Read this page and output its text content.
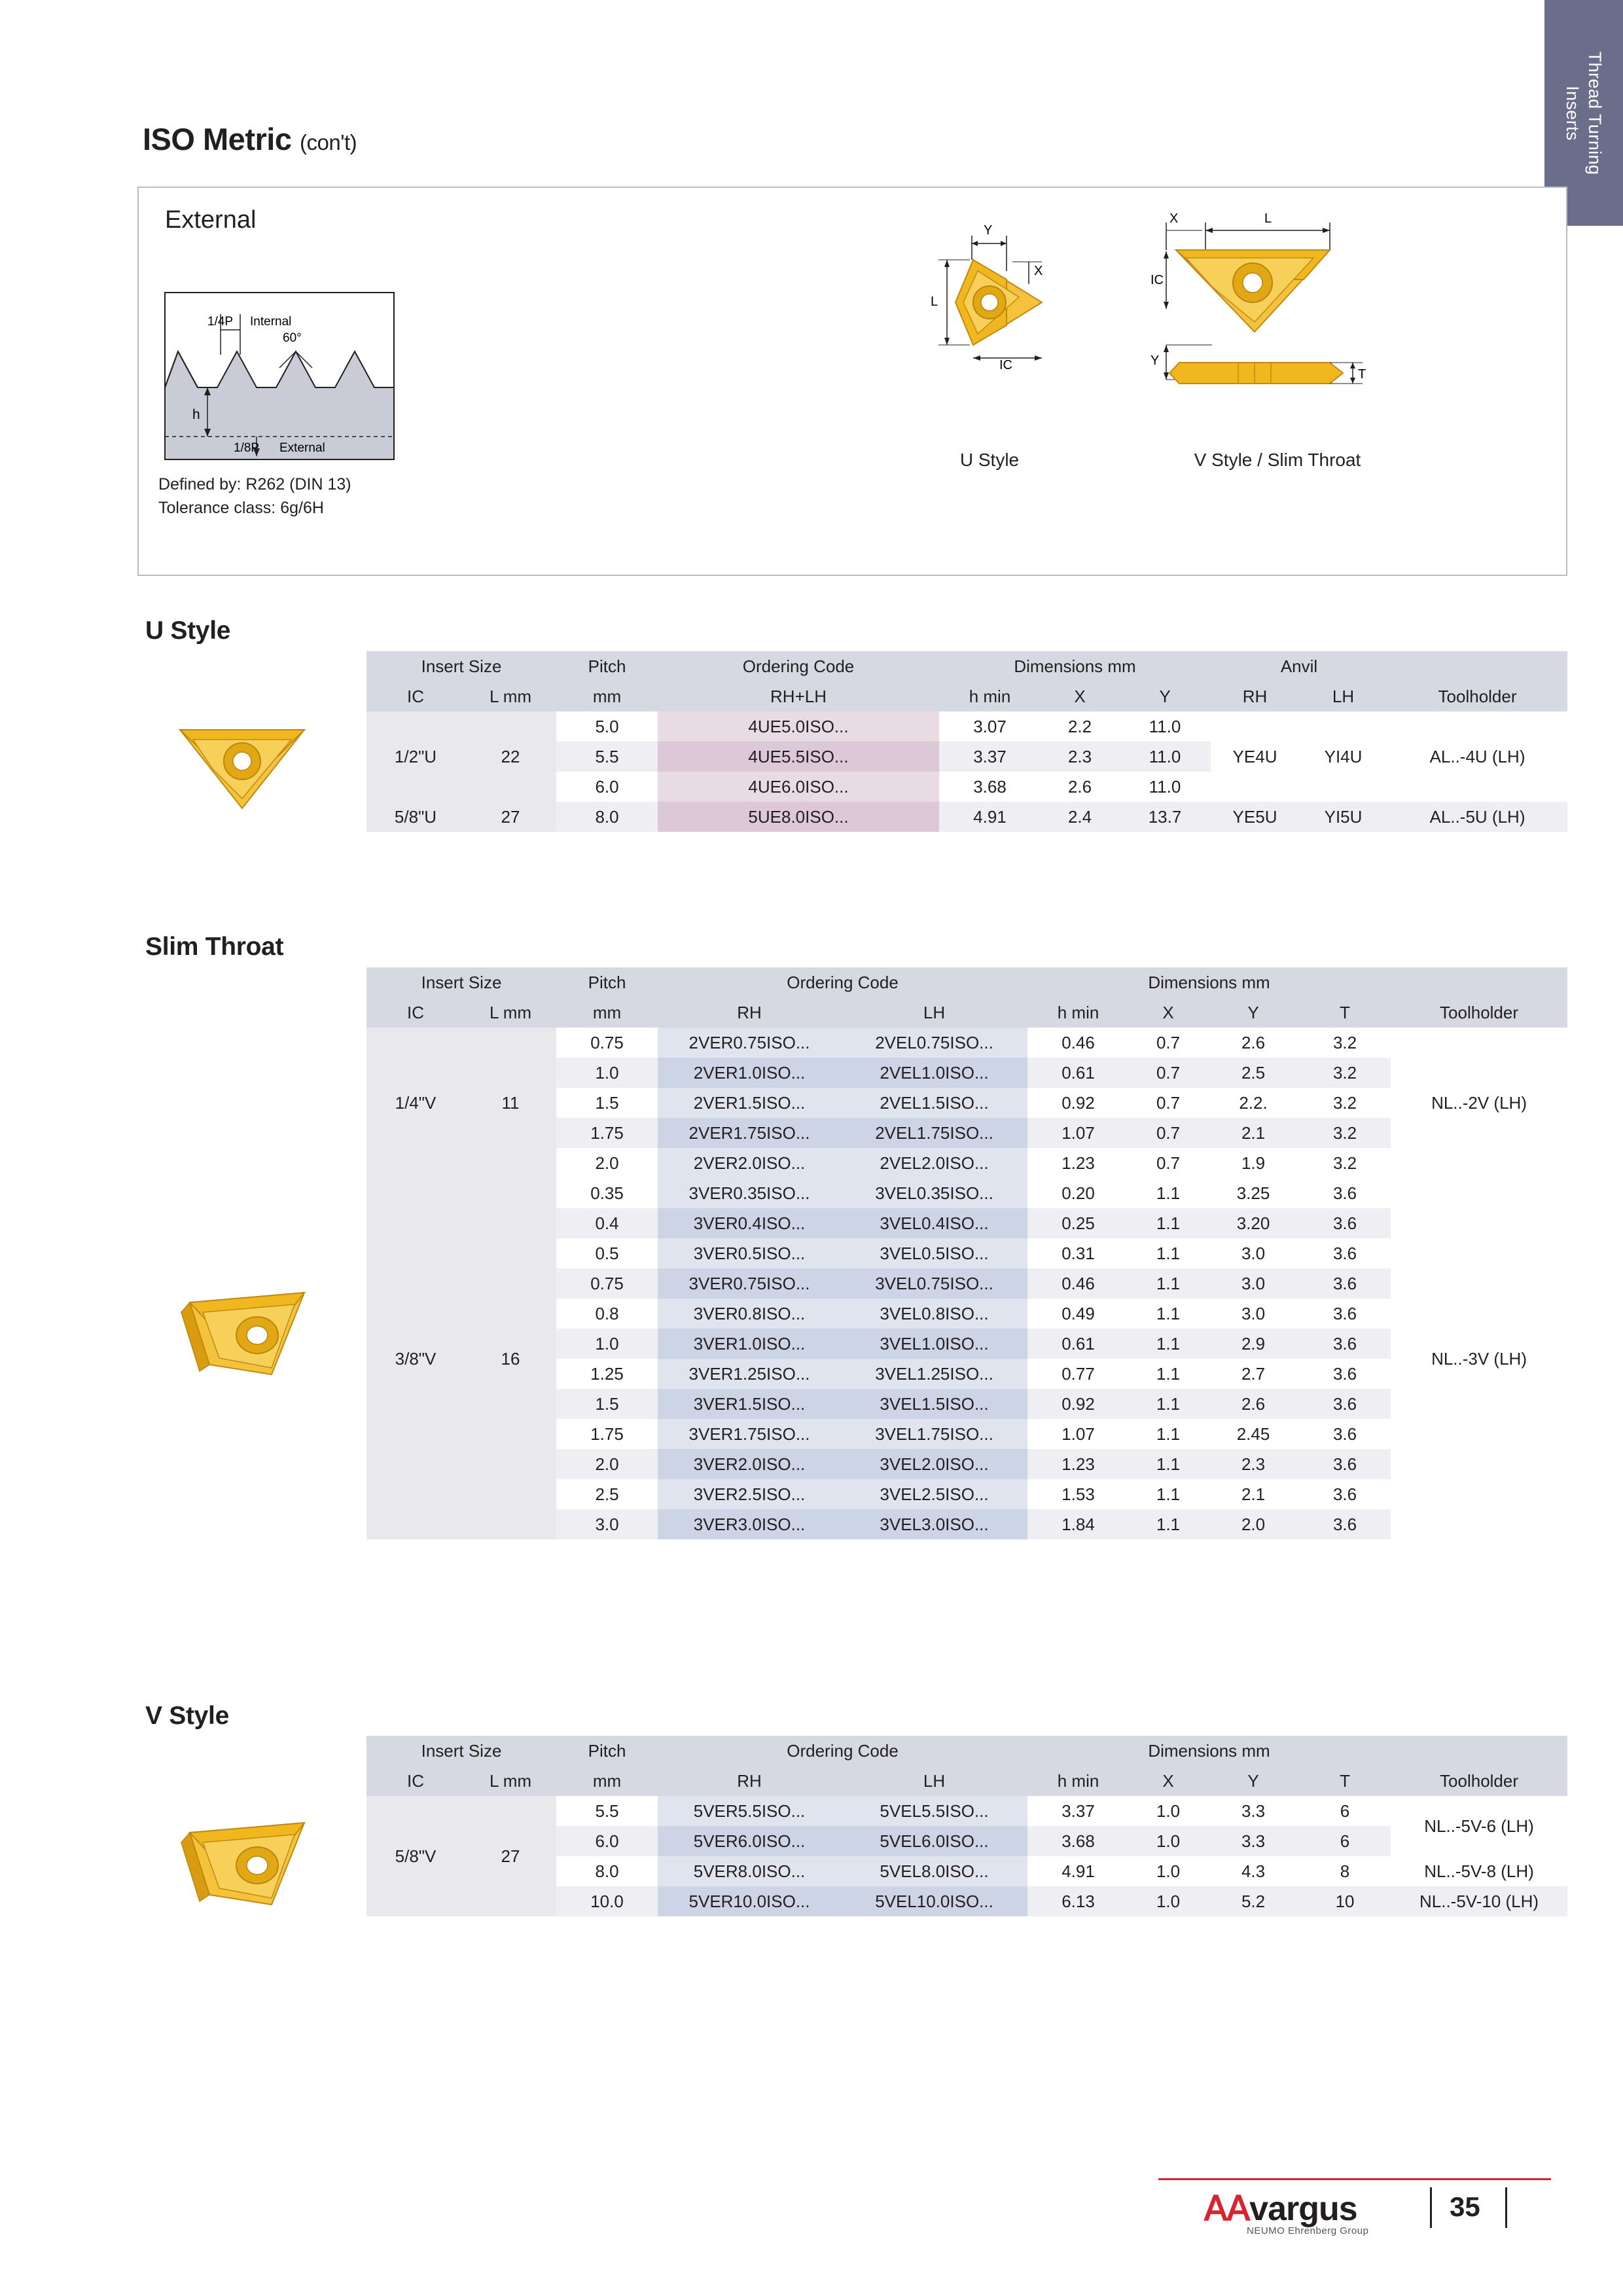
Thread Turning
Inserts
ISO Metric (con't)
External
1/4P Internal
60°
h
1/8P External
Defined by: R262 (DIN 13)
Tolerance class: 6g/6H
Y
L
X
IC
U Style
L
X
IC
Y
T
V Style / Slim Throat
U Style
Insert Size		Pitch	Ordering Code	Dimensions mm			Anvil		
IC	L mm	mm	RH+LH	h min	X	Y	RH	LH	Toolholder
1/2"U	22	5.0	4UE5.0ISO...	3.07	2.2	11.0	YE4U	YI4U	AL..-4U (LH)
		5.5	4UE5.5ISO...	3.37	2.3	11.0			
		6.0	4UE6.0ISO...	3.68	2.6	11.0			
5/8"U	27	8.0	5UE8.0ISO...	4.91	2.4	13.7	YE5U	YI5U	AL..-5U (LH)
Slim Throat
Insert Size		Pitch	Ordering Code		Dimensions mm				
IC	L mm	mm	RH	LH	h min	X	Y	T	Toolholder
1/4"V	11	0.75	2VER0.75ISO...	2VEL0.75ISO...	0.46	0.7	2.6	3.2	NL..-2V (LH)
		1.0	2VER1.0ISO...	2VEL1.0ISO...	0.61	0.7	2.5	3.2	
		1.5	2VER1.5ISO...	2VEL1.5ISO...	0.92	0.7	2.2.	3.2	
		1.75	2VER1.75ISO...	2VEL1.75ISO...	1.07	0.7	2.1	3.2	
		2.0	2VER2.0ISO...	2VEL2.0ISO...	1.23	0.7	1.9	3.2	
3/8"V	16	0.35	3VER0.35ISO...	3VEL0.35ISO...	0.20	1.1	3.25	3.6	NL..-3V (LH)
		0.4	3VER0.4ISO...	3VEL0.4ISO...	0.25	1.1	3.20	3.6	
		0.5	3VER0.5ISO...	3VEL0.5ISO...	0.31	1.1	3.0	3.6	
		0.75	3VER0.75ISO...	3VEL0.75ISO...	0.46	1.1	3.0	3.6	
		0.8	3VER0.8ISO...	3VEL0.8ISO...	0.49	1.1	3.0	3.6	
		1.0	3VER1.0ISO...	3VEL1.0ISO...	0.61	1.1	2.9	3.6	
		1.25	3VER1.25ISO...	3VEL1.25ISO...	0.77	1.1	2.7	3.6	
		1.5	3VER1.5ISO...	3VEL1.5ISO...	0.92	1.1	2.6	3.6	
		1.75	3VER1.75ISO...	3VEL1.75ISO...	1.07	1.1	2.45	3.6	
		2.0	3VER2.0ISO...	3VEL2.0ISO...	1.23	1.1	2.3	3.6	
		2.5	3VER2.5ISO...	3VEL2.5ISO...	1.53	1.1	2.1	3.6	
		3.0	3VER3.0ISO...	3VEL3.0ISO...	1.84	1.1	2.0	3.6	
V Style
Insert Size		Pitch	Ordering Code		Dimensions mm				
IC	L mm	mm	RH	LH	h min	X	Y	T	Toolholder
5/8"V	27	5.5	5VER5.5ISO...	5VEL5.5ISO...	3.37	1.0	3.3	6	NL..-5V-6 (LH)
		6.0	5VER6.0ISO...	5VEL6.0ISO...	3.68	1.0	3.3	6	
		8.0	5VER8.0ISO...	5VEL8.0ISO...	4.91	1.0	4.3	8	NL..-5V-8 (LH)
		10.0	5VER10.0ISO...	5VEL10.0ISO...	6.13	1.0	5.2	10	NL..-5V-10 (LH)
𝖠𝖠vargus
NEUMO Ehrenberg Group
35
